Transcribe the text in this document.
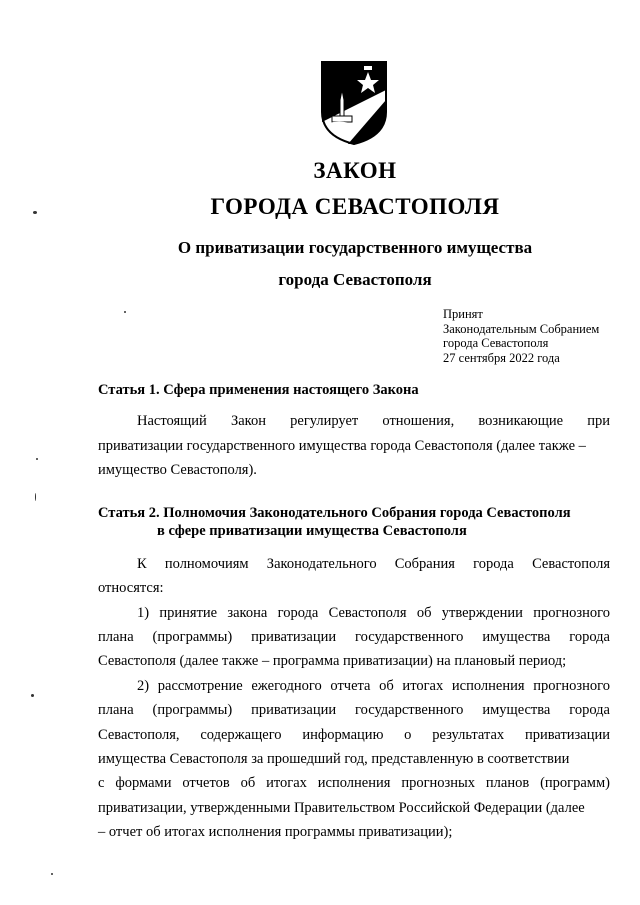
ЗАКОН
ГОРОДА СЕВАСТОПОЛЯ
О приватизации государственного имущества
города Севастополя
Принят
Законодательным Собранием
города Севастополя
27 сентября 2022 года
Статья 1. Сфера применения настоящего Закона
Настоящий Закон регулирует отношения, возникающие при
приватизации государственного имущества города Севастополя (далее также –
имущество Севастополя).
Статья 2. Полномочия Законодательного Собрания города Севастополя
в сфере приватизации имущества Севастополя
К полномочиям Законодательного Собрания города Севастополя
относятся:
1) принятие закона города Севастополя об утверждении прогнозного
плана (программы) приватизации государственного имущества города
Севастополя (далее также – программа приватизации) на плановый период;
2) рассмотрение ежегодного отчета об итогах исполнения прогнозного
плана (программы) приватизации государственного имущества города
Севастополя, содержащего информацию о результатах приватизации
имущества Севастополя за прошедший год, представленную в соответствии
с формами отчетов об итогах исполнения прогнозных планов (программ)
приватизации, утвержденными Правительством Российской Федерации (далее
– отчет об итогах исполнения программы приватизации);
